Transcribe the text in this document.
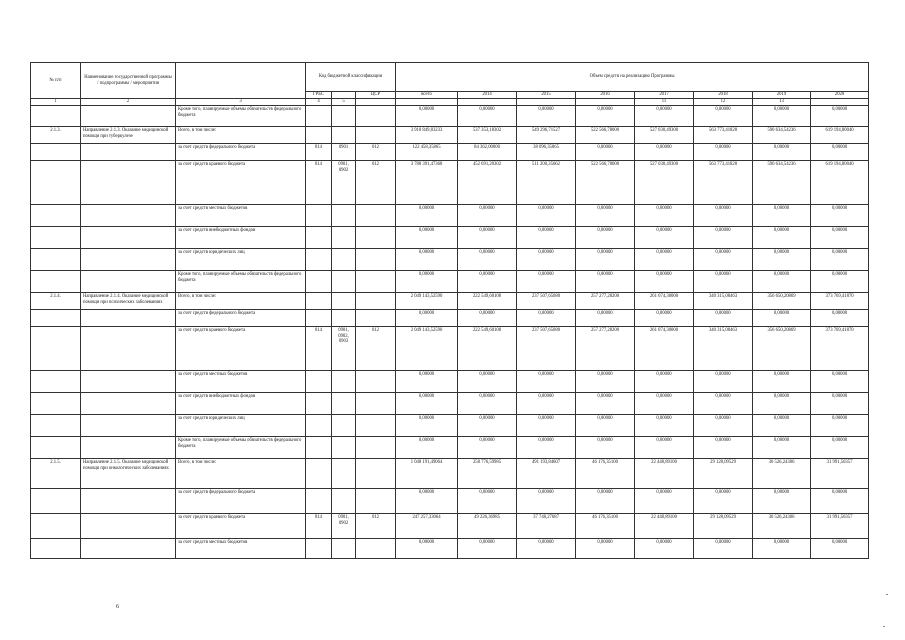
№ п/п	Наименование государственной программы / подпрограммы / мероприятия		Код бюджетной классификации			Объем средств на реализацию Программы							
			ГРБС		ЦСР	всего	2014	2015	2016	2017	2018	2019	2020
1	2	3	4	5						11	12	13	
		Кроме того, планируемые объемы обязательств федерального бюджета				0,00000	0,00000	0,00000	0,00000	0,00000	0,00000	0,00000	0,00000
2.1.3.	Направление 2.1.3. Оказание медицинской помощи при туберкулезе	Всего, в том числе:				3 910 849,83233	537 353,18302	549 296,71527	522 566,78000	527 030,49300	563 773,41828	590 634,54236	619 194,80040
		за счет средств федерального бюджета	814	0901	012	122 458,35865	84 362,00000	38 096,35865	0,00000	0,00000	0,00000	0,00000	0,00000
		за счет средств краевого бюджета	814	0901, 0902	012	3 788 391,47368	452 691,20302	511 200,35662	522 566,78000	527 030,49300	563 773,41828	590 634,54236	619 194,80040
		за счет средств местных бюджетов				0,00000	0,00000	0,00000	0,00000	0,00000	0,00000	0,00000	0,00000
		за счет средств внебюджетных фондов				0,00000	0,00000	0,00000	0,00000	0,00000	0,00000	0,00000	0,00000
		за счет средств юридических лиц				0,00000	0,00000	0,00000	0,00000	0,00000	0,00000	0,00000	0,00000
		Кроме того, планируемые объемы обязательств федерального бюджета				0,00000	0,00000	0,00000	0,00000	0,00000	0,00000	0,00000	0,00000
2.1.4.	Направление 2.1.4. Оказание медицинской помощи при психических заболеваниях	Всего, в том числе:				2 049 143,52590	222 549,60108	237 507,65080	257 277,28200	261 074,30000	340 315,08463	356 650,20869	373 769,41870
		за счет средств федерального бюджета				0,00000	0,00000	0,00000	0,00000	0,00000	0,00000	0,00000	0,00000
		за счет средств краевого бюджета	814	0901, 0902, 0903	012	2 049 143,52590	222 549,60108	237 507,65080	257 277,28200	261 074,30000	340 315,08463	356 650,20869	373 769,41870
		за счет средств местных бюджетов				0,00000	0,00000	0,00000	0,00000	0,00000	0,00000	0,00000	0,00000
		за счет средств внебюджетных фондов				0,00000	0,00000	0,00000	0,00000	0,00000	0,00000	0,00000	0,00000
		за счет средств юридических лиц				0,00000	0,00000	0,00000	0,00000	0,00000	0,00000	0,00000	0,00000
		Кроме того, планируемые объемы обязательств федерального бюджета				0,00000	0,00000	0,00000	0,00000	0,00000	0,00000	0,00000	0,00000
2.1.5.	Направление 2.1.5. Оказание медицинской помощи при онкологических заболеваниях	Всего, в том числе:				1 048 191,49064	258 776,59985	491 193,84607	46 176,35100	22 448,89100	29 128,09529	30 526,24306	31 991,50357
		за счет средств федерального бюджета				0,00000	0,00000	0,00000	0,00000	0,00000	0,00000	0,00000	0,00000
		за счет средств краевого бюджета	814	0901, 0902	012	247 257,33064	49 226,36985	37 748,27687	46 176,35100	22 448,89100	29 128,09529	30 526,24306	31 991,50357
		за счет средств местных бюджетов				0,00000	0,00000	0,00000	0,00000	0,00000	0,00000	0,00000	0,00000
6
